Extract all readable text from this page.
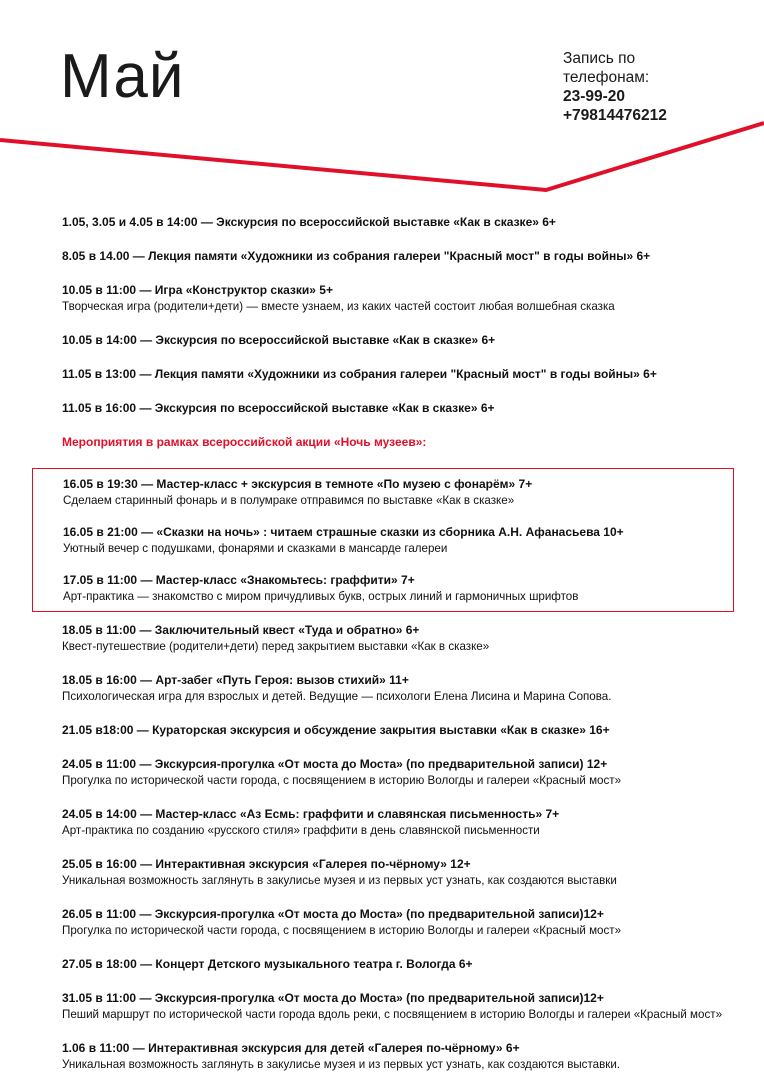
Май	Запись по
телефонам:
23-99-20
+79814476212
1.05, 3.05 и 4.05 в 14:00 — Экскурсия по всероссийской выставке «Как в сказке» 6+
8.05 в 14.00 — Лекция памяти «Художники из собрания галереи "Красный мост" в годы войны» 6+
10.05 в 11:00 — Игра «Конструктор сказки» 5+
Творческая игра (родители+дети) — вместе узнаем, из каких частей состоит любая волшебная сказка
10.05 в 14:00 — Экскурсия по всероссийской выставке «Как в сказке» 6+
11.05 в 13:00 — Лекция памяти «Художники из собрания галереи "Красный мост" в годы войны» 6+
11.05 в 16:00 — Экскурсия по всероссийской выставке «Как в сказке» 6+
Мероприятия в рамках всероссийской акции «Ночь музеев»:
16.05 в 19:30 — Мастер-класс + экскурсия в темноте «По музею с фонарём» 7+
Сделаем старинный фонарь и в полумраке отправимся по выставке «Как в сказке»
16.05 в 21:00 — «Сказки на ночь» : читаем страшные сказки из сборника А.Н. Афанасьева 10+
Уютный вечер с подушками, фонарями и сказками в мансарде галереи
17.05 в 11:00 — Мастер-класс «Знакомьтесь: граффити» 7+
Арт-практика — знакомство с миром причудливых букв, острых линий и гармоничных шрифтов
18.05 в 11:00 — Заключительный квест «Туда и обратно» 6+
Квест-путешествие (родители+дети) перед закрытием выставки «Как в сказке»
18.05 в 16:00 — Арт-забег «Путь Героя: вызов стихий» 11+
Психологическая игра для взрослых и детей. Ведущие — психологи Елена Лисина и Марина Сопова.
21.05 в18:00 — Кураторская экскурсия и обсуждение закрытия выставки «Как в сказке» 16+
24.05 в 11:00 — Экскурсия-прогулка «От моста до Моста» (по предварительной записи) 12+
Прогулка по исторической части города, с посвящением в историю Вологды и галереи «Красный мост»
24.05 в 14:00 — Мастер-класс «Аз Есмь: граффити и славянская письменность» 7+
Арт-практика по созданию «русского стиля» граффити в день славянской письменности
25.05 в 16:00 — Интерактивная экскурсия «Галерея по-чёрному» 12+
Уникальная возможность заглянуть в закулисье музея и из первых уст узнать, как создаются выставки
26.05 в 11:00 — Экскурсия-прогулка «От моста до Моста» (по предварительной записи)12+
Прогулка по исторической части города, с посвящением в историю Вологды и галереи «Красный мост»
27.05 в 18:00 — Концерт Детского музыкального театра г. Вологда 6+
31.05 в 11:00 — Экскурсия-прогулка «От моста до Моста» (по предварительной записи)12+
Пеший маршрут по исторической части города вдоль реки, с посвящением в историю Вологды и галереи «Красный мост»
1.06 в 11:00 — Интерактивная экскурсия для детей «Галерея по-чёрному» 6+
Уникальная возможность заглянуть в закулисье музея и из первых уст узнать, как создаются выставки.
